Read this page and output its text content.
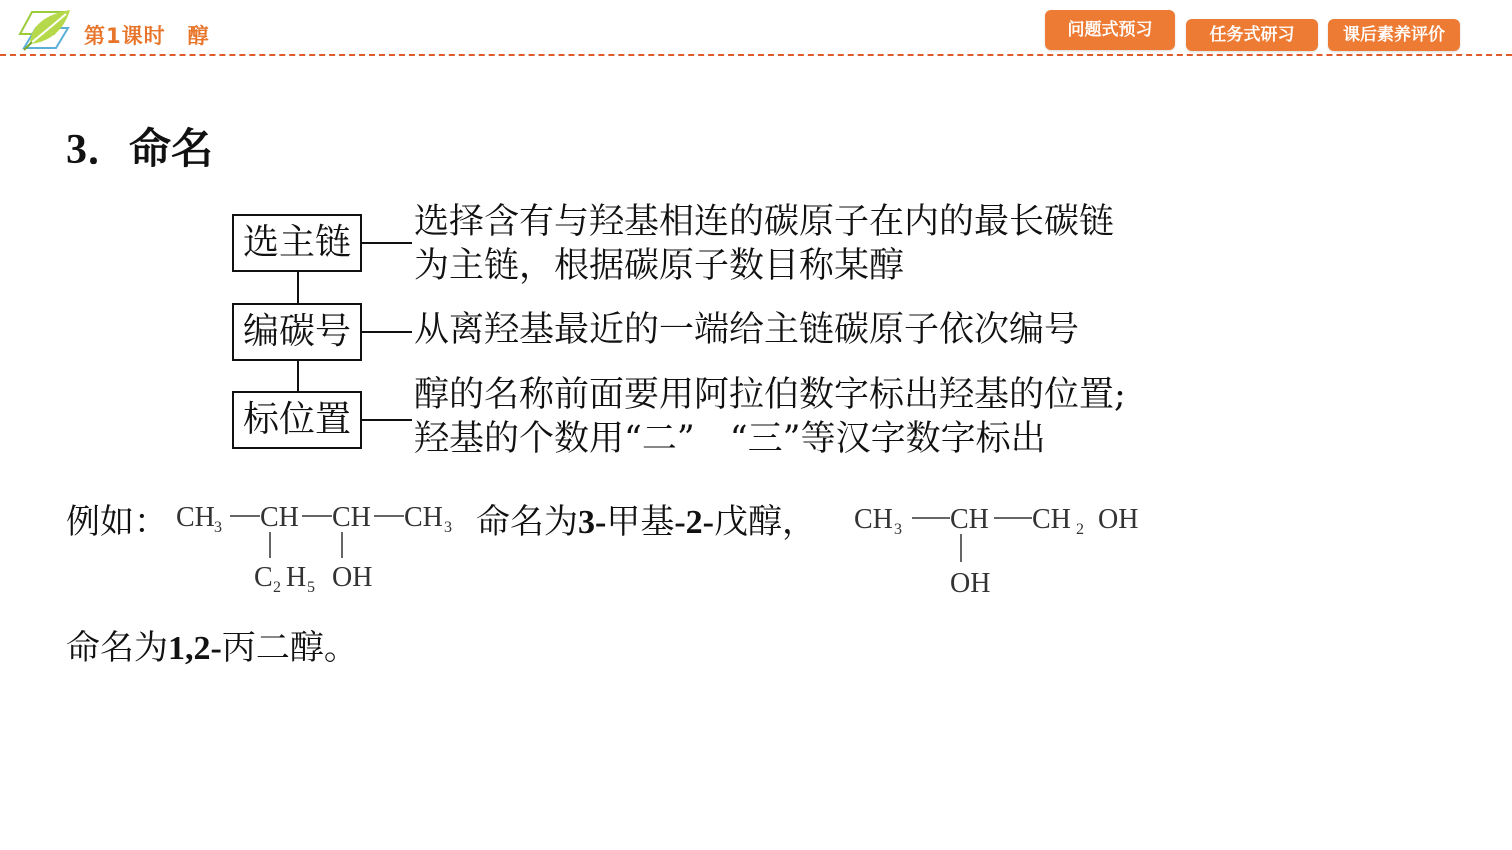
第1课时　醇	问题式预习	任务式研习	课后素养评价
3．命名
选主链
编碳号
标位置
选择含有与羟基相连的碳原子在内的最长碳链
为主链，根据碳原子数目称某醇
从离羟基最近的一端给主链碳原子依次编号
醇的名称前面要用阿拉伯数字标出羟基的位置;
羟基的个数用“二”　“三”等汉字数字标出
例如： CH 3 CH CH CH 3
C 2 H 5 OH
命名为3-甲基-2-戊醇， CH 3 CH CH 2 OH
OH
命名为1,2-丙二醇。
